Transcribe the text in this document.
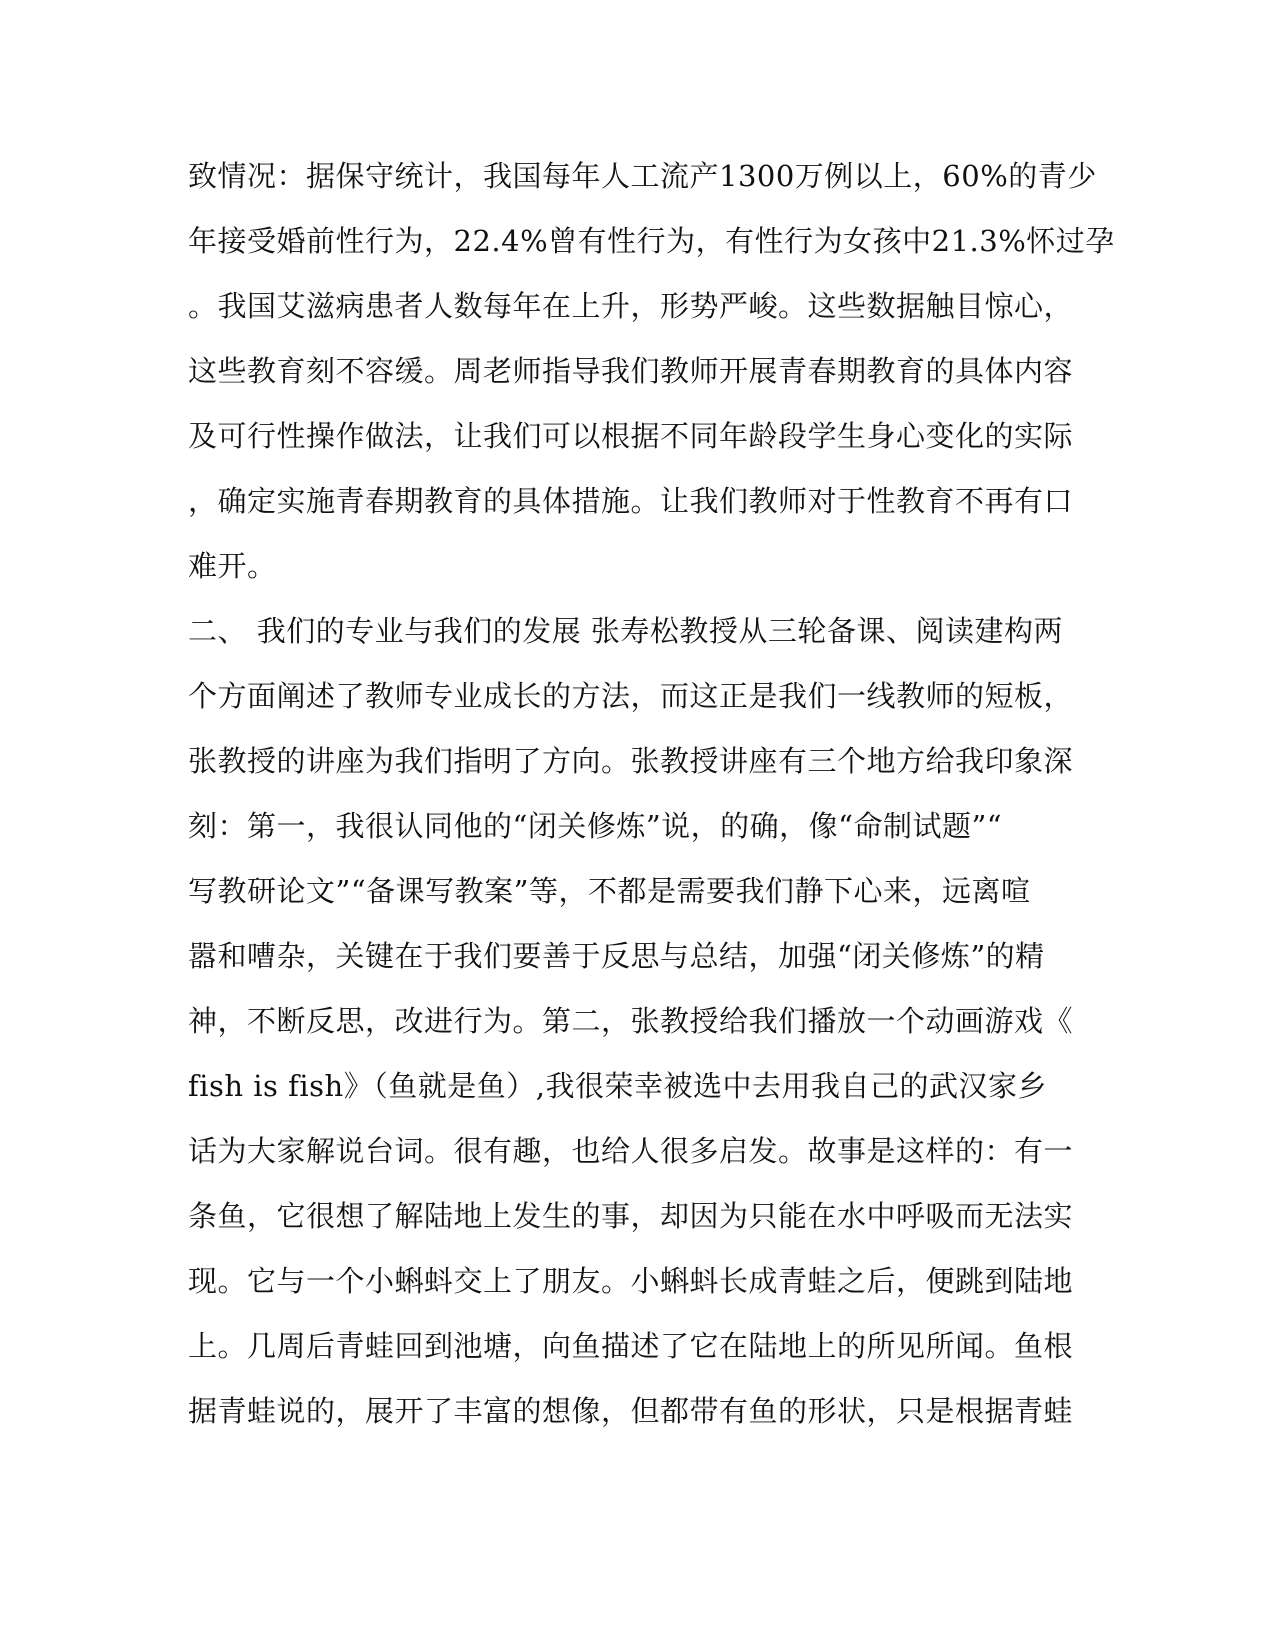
致情况：据保守统计，我国每年人工流产1300万例以上，60%的青少
年接受婚前性行为，22.4%曾有性行为，有性行为女孩中21.3%怀过孕
。我国艾滋病患者人数每年在上升，形势严峻。这些数据触目惊心，
这些教育刻不容缓。周老师指导我们教师开展青春期教育的具体内容
及可行性操作做法，让我们可以根据不同年龄段学生身心变化的实际
，确定实施青春期教育的具体措施。让我们教师对于性教育不再有口
难开。
二、 我们的专业与我们的发展 张寿松教授从三轮备课、阅读建构两
个方面阐述了教师专业成长的方法，而这正是我们一线教师的短板，
张教授的讲座为我们指明了方向。张教授讲座有三个地方给我印象深
刻：第一，我很认同他的“闭关修炼”说，的确，像“命制试题”“
写教研论文”“备课写教案”等，不都是需要我们静下心来，远离喧
嚣和嘈杂，关键在于我们要善于反思与总结，加强“闭关修炼”的精
神，不断反思，改进行为。第二，张教授给我们播放一个动画游戏《
fish is fish》（鱼就是鱼）,我很荣幸被选中去用我自己的武汉家乡
话为大家解说台词。很有趣，也给人很多启发。故事是这样的：有一
条鱼，它很想了解陆地上发生的事，却因为只能在水中呼吸而无法实
现。它与一个小蝌蚪交上了朋友。小蝌蚪长成青蛙之后，便跳到陆地
上。几周后青蛙回到池塘，向鱼描述了它在陆地上的所见所闻。鱼根
据青蛙说的，展开了丰富的想像，但都带有鱼的形状，只是根据青蛙
